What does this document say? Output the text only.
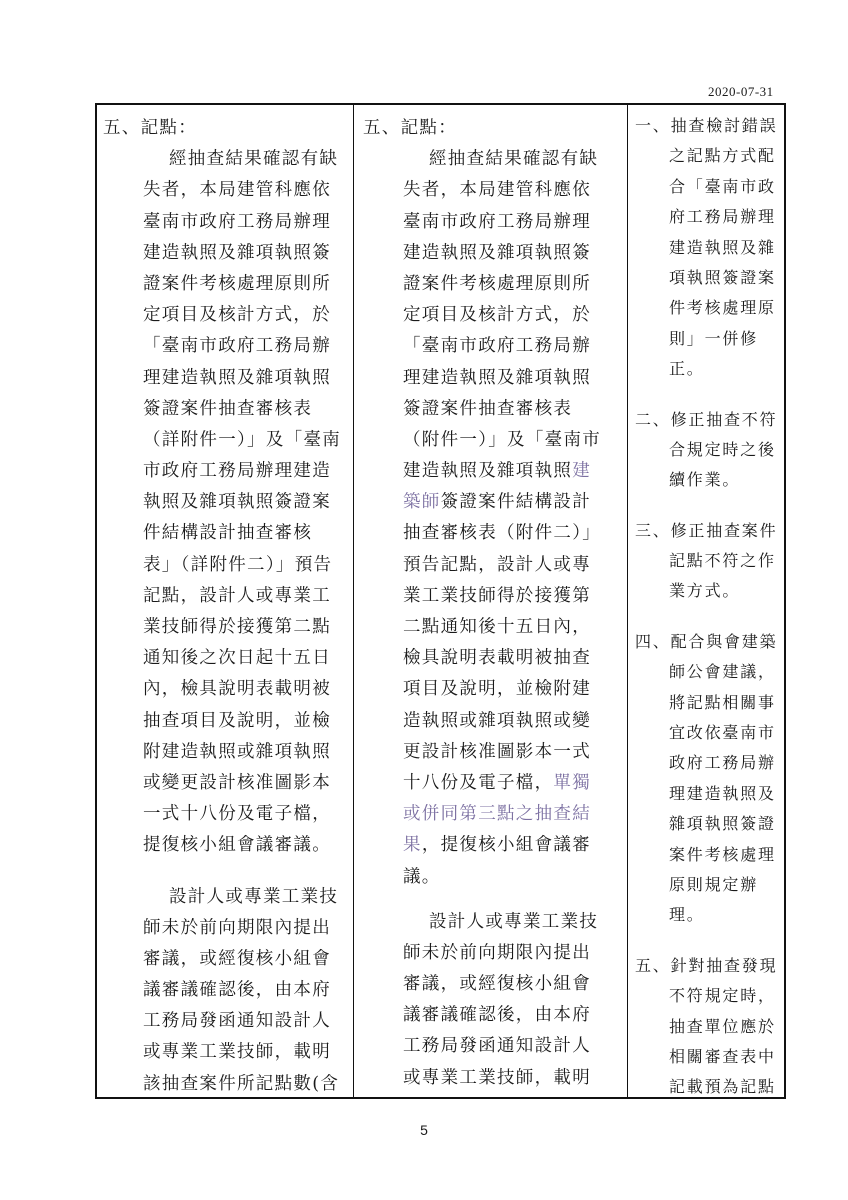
2020-07-31
五、記點：
經抽查結果確認有缺
失者，本局建管科應依
臺南市政府工務局辦理
建造執照及雜項執照簽
證案件考核處理原則所
定項目及核計方式，於
「臺南市政府工務局辦
理建造執照及雜項執照
簽證案件抽查審核表
（詳附件一）」及「臺南
市政府工務局辦理建造
執照及雜項執照簽證案
件結構設計抽查審核
表」（詳附件二）」預告
記點，設計人或專業工
業技師得於接獲第二點
通知後之次日起十五日
內，檢具說明表載明被
抽查項目及說明，並檢
附建造執照或雜項執照
或變更設計核准圖影本
一式十八份及電子檔，
提復核小組會議審議。
設計人或專業工業技
師未於前向期限內提出
審議，或經復核小組會
議審議確認後，由本府
工務局發函通知設計人
或專業工業技師，載明
該抽查案件所記點數(含
五、記點：
經抽查結果確認有缺
失者，本局建管科應依
臺南市政府工務局辦理
建造執照及雜項執照簽
證案件考核處理原則所
定項目及核計方式，於
「臺南市政府工務局辦
理建造執照及雜項執照
簽證案件抽查審核表
（附件一）」及「臺南市
建造執照及雜項執照建
築師簽證案件結構設計
抽查審核表（附件二）」
預告記點，設計人或專
業工業技師得於接獲第
二點通知後十五日內，
檢具說明表載明被抽查
項目及說明，並檢附建
造執照或雜項執照或變
更設計核准圖影本一式
十八份及電子檔，單獨
或併同第三點之抽查結
果，提復核小組會議審
議。
設計人或專業工業技
師未於前向期限內提出
審議，或經復核小組會
議審議確認後，由本府
工務局發函通知設計人
或專業工業技師，載明
一、抽查檢討錯誤
之記點方式配
合「臺南市政
府工務局辦理
建造執照及雜
項執照簽證案
件考核處理原
則」一併修
正。
二、修正抽查不符
合規定時之後
續作業。
三、修正抽查案件
記點不符之作
業方式。
四、配合與會建築
師公會建議，
將記點相關事
宜改依臺南市
政府工務局辦
理建造執照及
雜項執照簽證
案件考核處理
原則規定辦
理。
五、針對抽查發現
不符規定時，
抽查單位應於
相關審查表中
記載預為記點
5
